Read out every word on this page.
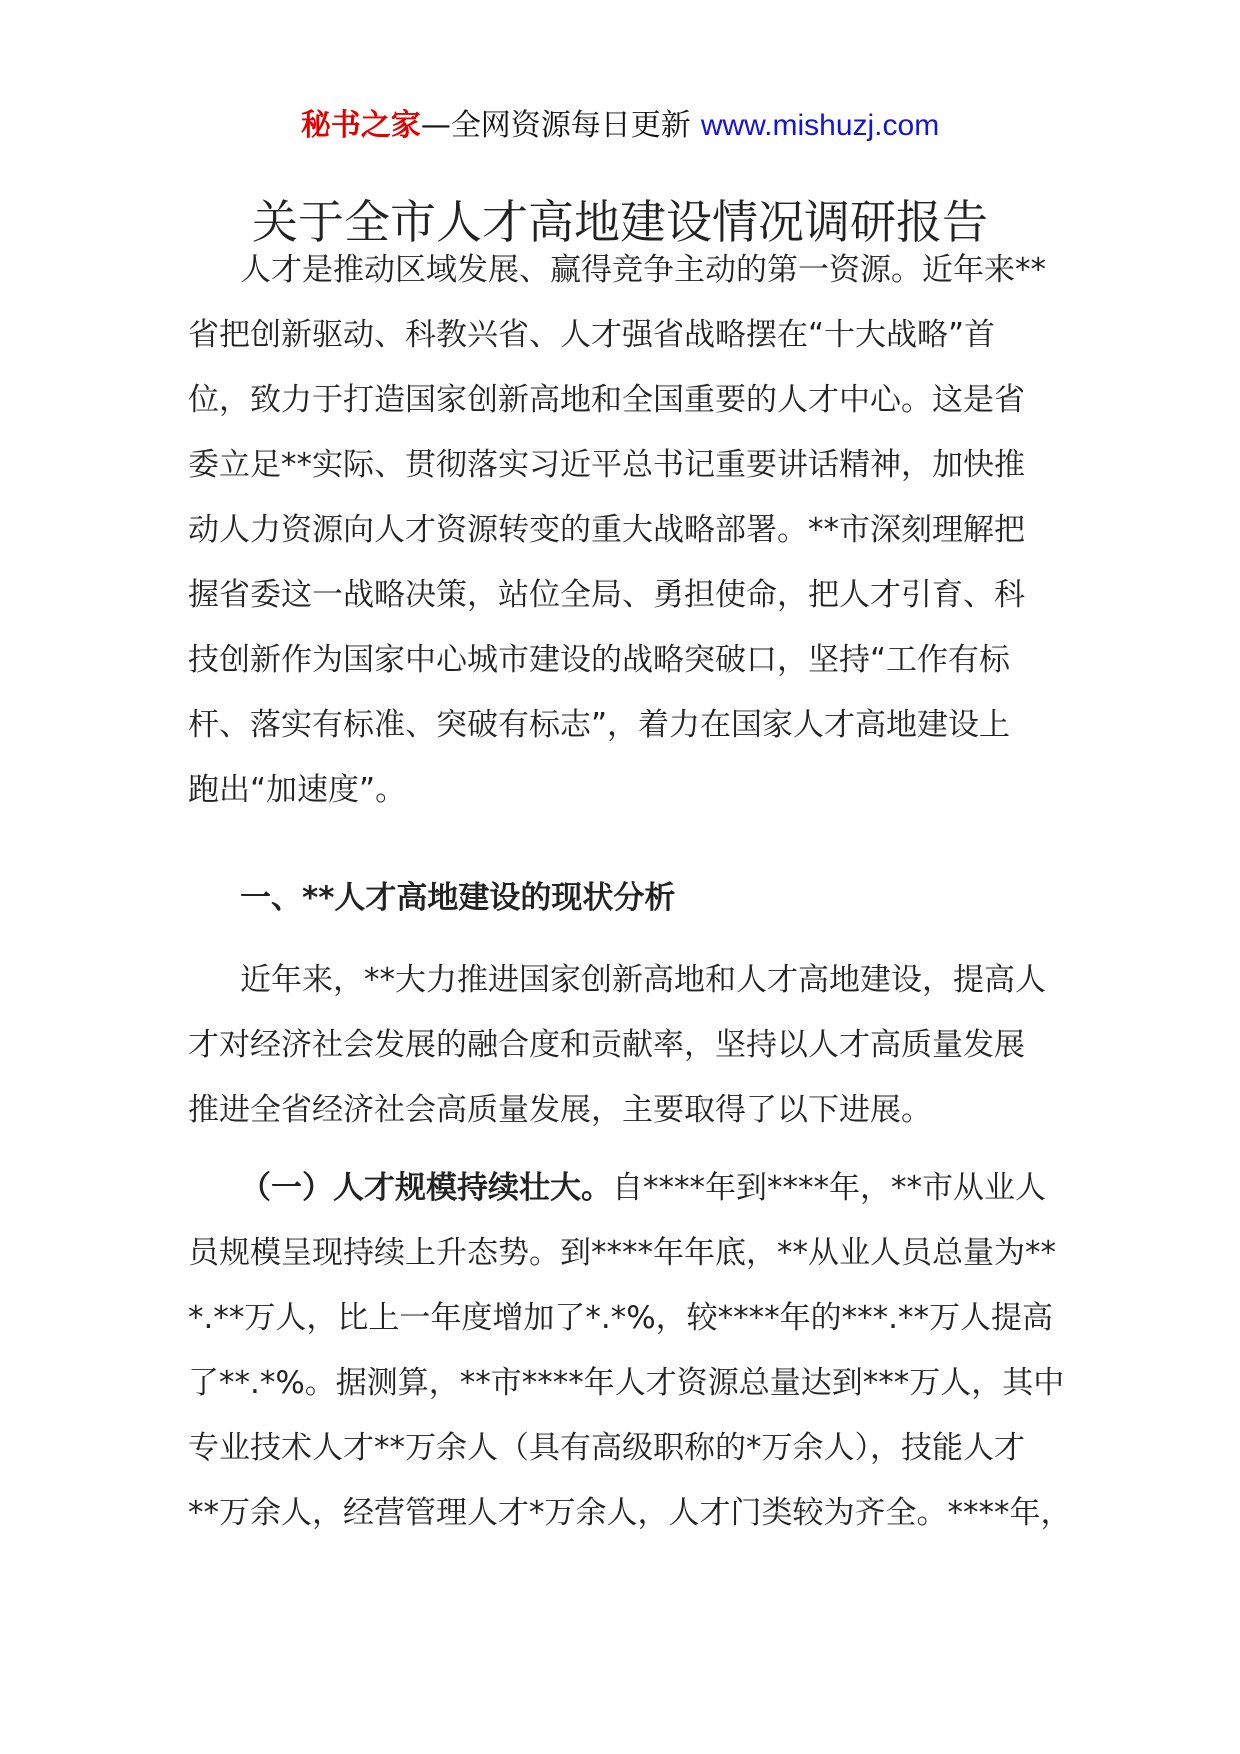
秘书之家—全网资源每日更新 www.mishuzj.com
关于全市人才高地建设情况调研报告
人才是推动区域发展、赢得竞争主动的第一资源。近年来**
省把创新驱动、科教兴省、人才强省战略摆在“十大战略”首
位，致力于打造国家创新高地和全国重要的人才中心。这是省
委立足**实际、贯彻落实习近平总书记重要讲话精神，加快推
动人力资源向人才资源转变的重大战略部署。**市深刻理解把
握省委这一战略决策，站位全局、勇担使命，把人才引育、科
技创新作为国家中心城市建设的战略突破口，坚持“工作有标
杆、落实有标准、突破有标志”，着力在国家人才高地建设上
跑出“加速度”。
一、**人才高地建设的现状分析
近年来，**大力推进国家创新高地和人才高地建设，提高人
才对经济社会发展的融合度和贡献率，坚持以人才高质量发展
推进全省经济社会高质量发展，主要取得了以下进展。
（一）人才规模持续壮大。自****年到****年，**市从业人
员规模呈现持续上升态势。到****年年底，**从业人员总量为**
*.**万人，比上一年度增加了*.*%，较****年的***.**万人提高
了**.*%。据测算，**市****年人才资源总量达到***万人，其中
专业技术人才**万余人（具有高级职称的*万余人），技能人才
**万余人，经营管理人才*万余人，人才门类较为齐全。****年，
